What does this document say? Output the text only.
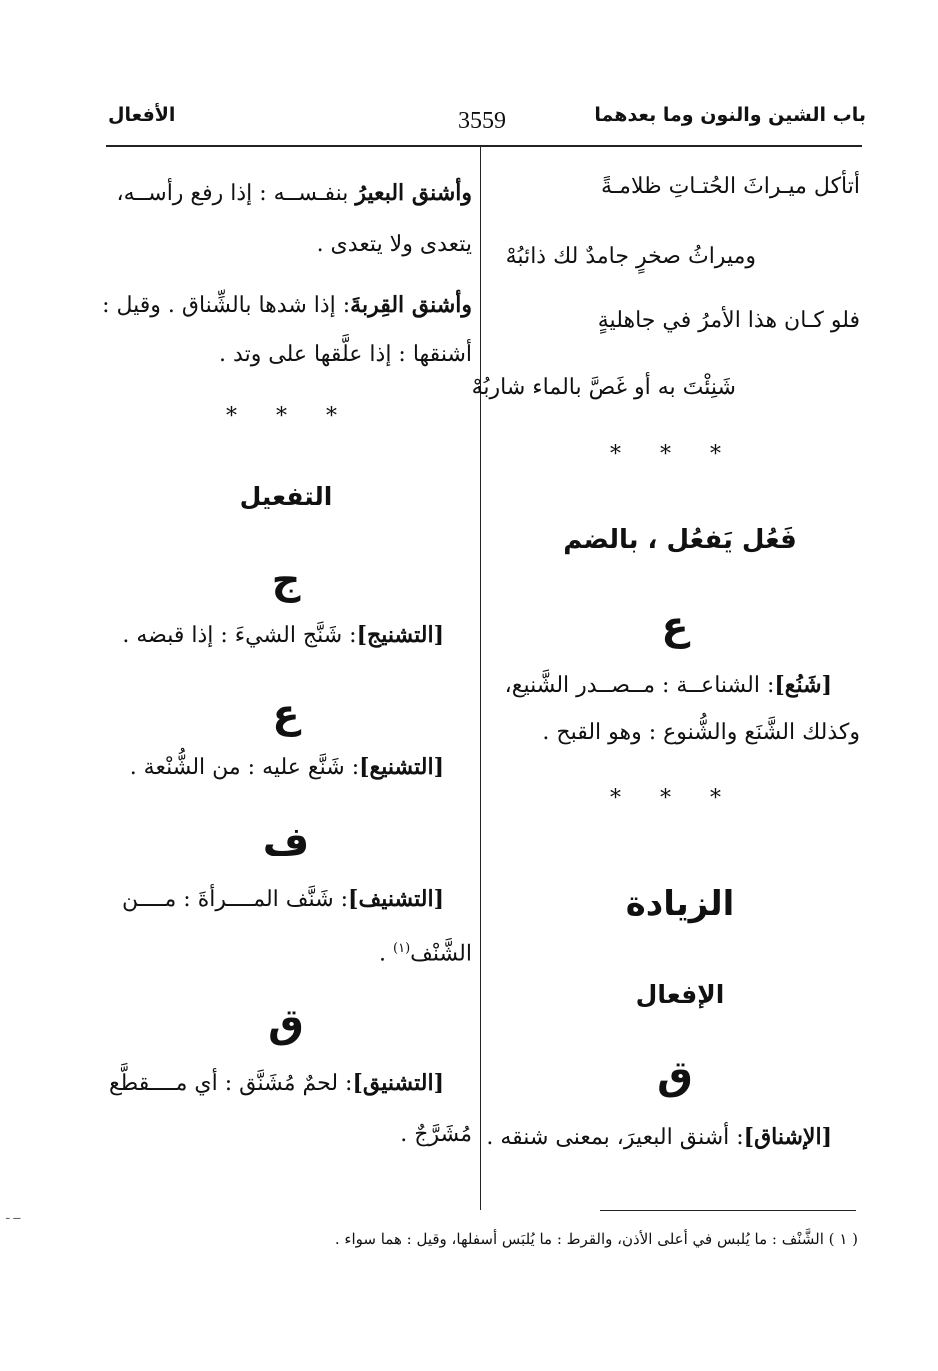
باب الشين والنون وما بعدهما
3559
الأفعال
أتأكل ميـراثَ الحُتـاتِ ظلامـةً
وميراثُ صخرٍ جامدٌ لك ذائبُهْ
فلو كـان هذا الأمرُ في جاهليةٍ
شَنِئْتَ به أو غَصَّ بالماء شاربُهْ
* * *
فَعُل يَفعُل ، بالضم
ع
[شَنُع]: الشناعــة : مــصــدر الشَّنيع،
وكذلك الشَّنَع والشُّنوع : وهو القبح .
* * *
الزيادة
الإفعال
ق
[الإشناق]: أشنق البعيرَ، بمعنى شنقه .
وأشنق البعيرُ بنفـســه : إذا رفع رأســه،
يتعدى ولا يتعدى .
وأشنق القِربةَ: إذا شدها بالشِّناق . وقيل :
أشنقها : إذا علَّقها على وتد .
* * *
التفعيل
ج
[التشنيج]: شَنَّج الشيءَ : إذا قبضه .
ع
[التشنيع]: شَنَّع عليه : من الشُّنْعة .
ف
[التشنيف]: شَنَّف المــــرأةَ : مــــن
الشَّنْف$^{(١)}$ .
ق
[التشنيق]: لحمٌ مُشَنَّق : أي مــــقطَّع
مُشَرَّجٌ .
( ١ ) الشَّنْف : ما يُلبس في أعلى الأذن، والقرط : ما يُلبَس أسفلها، وقيل : هما سواء .
ــ ـ
